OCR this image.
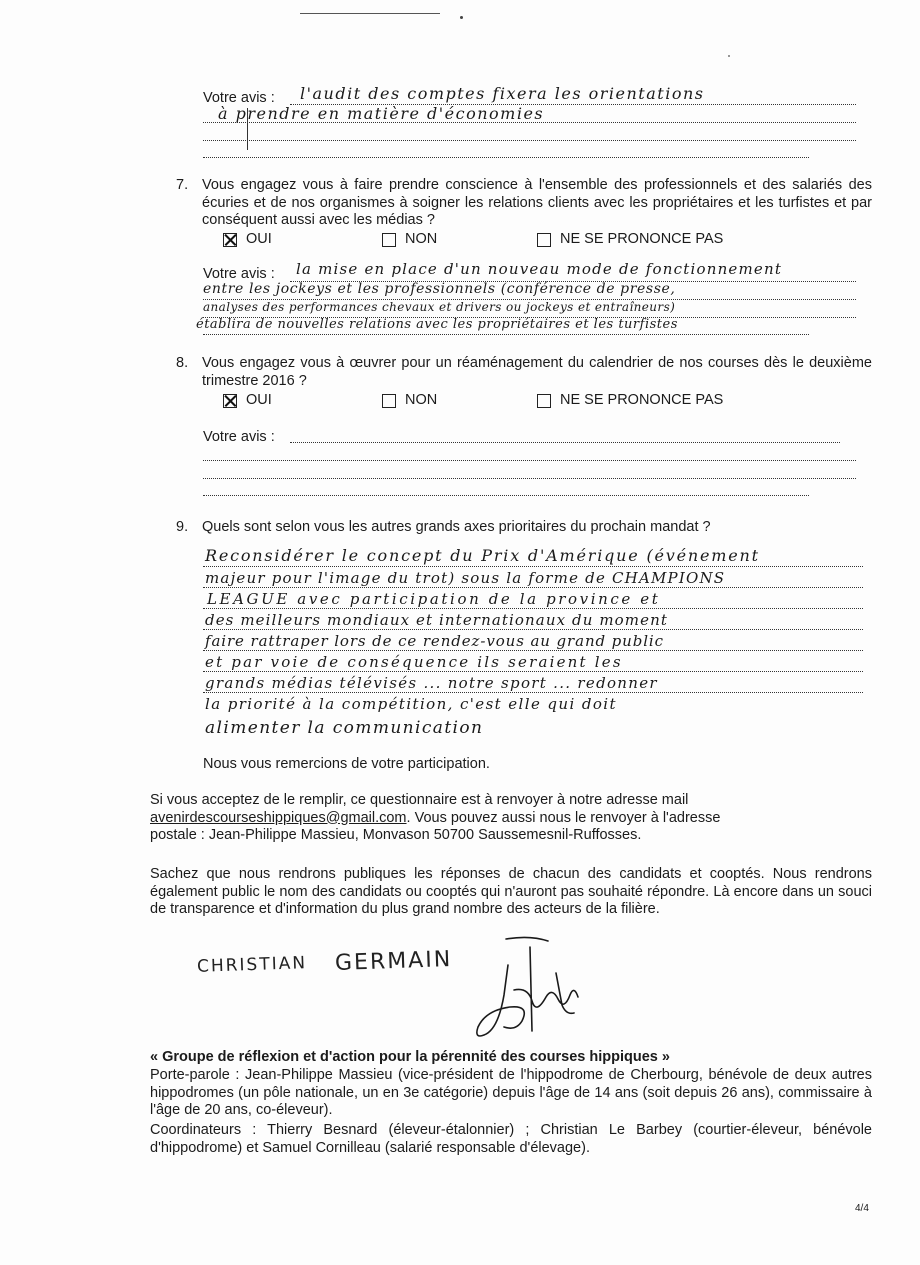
Votre avis : l'audit des comptes fixera les orientations
à prendre en matière d'économies
7. Vous engagez vous à faire prendre conscience à l'ensemble des professionnels et des salariés des écuries et de nos organismes à soigner les relations clients avec les propriétaires et les turfistes et par conséquent aussi avec les médias ?
OUI	NON	NE SE PRONONCE PAS
Votre avis : la mise en place d'un nouveau mode de fonctionnement
entre les jockeys et les professionnels (conférence de presse,
analyses des performances chevaux et drivers ou jockeys et entraîneurs)
établira de nouvelles relations avec les propriétaires et les turfistes
8. Vous engagez vous à œuvrer pour un réaménagement du calendrier de nos courses dès le deuxième trimestre 2016 ?
OUI	NON	NE SE PRONONCE PAS
Votre avis :
9. Quels sont selon vous les autres grands axes prioritaires du prochain mandat ?
Reconsidérer le concept du Prix d'Amérique (événement
majeur pour l'image du trot) sous la forme de CHAMPIONS
LEAGUE avec participation de la province et
des meilleurs mondiaux et internationaux du moment
faire rattraper lors de ce rendez-vous au grand public
et par voie de conséquence ils seraient les
grands médias télévisés ... notre sport ... redonner
la priorité à la compétition, c'est elle qui doit
alimenter la communication
Nous vous remercions de votre participation.
Si vous acceptez de le remplir, ce questionnaire est à renvoyer à notre adresse mail
avenirdescourseshippiques@gmail.com. Vous pouvez aussi nous le renvoyer à l'adresse
postale : Jean-Philippe Massieu, Monvason 50700 Saussemesnil-Ruffosses.
Sachez que nous rendrons publiques les réponses de chacun des candidats et cooptés. Nous rendrons également public le nom des candidats ou cooptés qui n'auront pas souhaité répondre. Là encore dans un souci de transparence et d'information du plus grand nombre des acteurs de la filière.
CHRISTIAN GERMAIN
« Groupe de réflexion et d'action pour la pérennité des courses hippiques »
Porte-parole : Jean-Philippe Massieu (vice-président de l'hippodrome de Cherbourg, bénévole de deux autres hippodromes (un pôle nationale, un en 3e catégorie) depuis l'âge de 14 ans (soit depuis 26 ans), commissaire à l'âge de 20 ans, co-éleveur).
Coordinateurs : Thierry Besnard (éleveur-étalonnier) ; Christian Le Barbey (courtier-éleveur, bénévole d'hippodrome) et Samuel Cornilleau (salarié responsable d'élevage).
4/4
